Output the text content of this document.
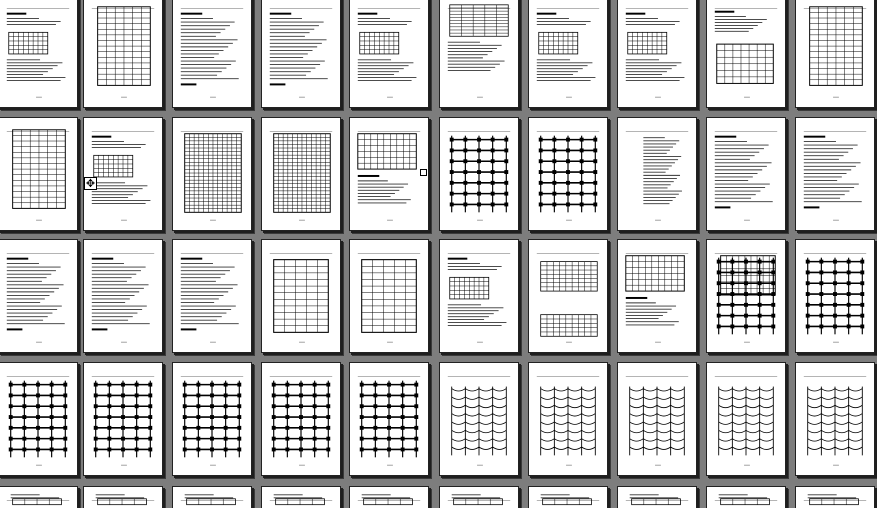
✥
